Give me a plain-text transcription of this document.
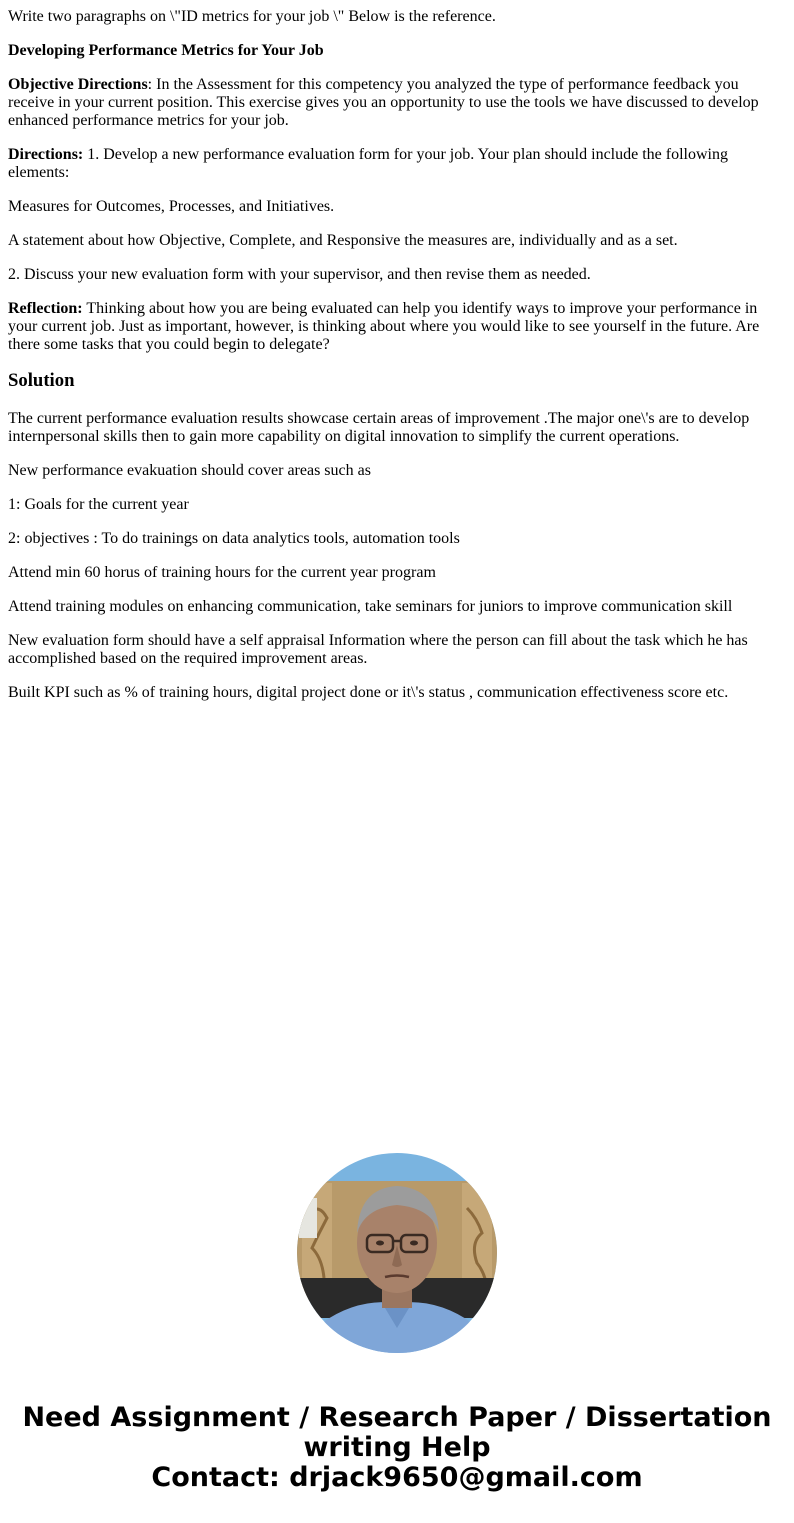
Write two paragraphs on \"ID metrics for your job \" Below is the reference.

Developing Performance Metrics for Your Job

Objective Directions: In the Assessment for this competency you analyzed the type of performance feedback you receive in your current position. This exercise gives you an opportunity to use the tools we have discussed to develop enhanced performance metrics for your job.

Directions: 1. Develop a new performance evaluation form for your job. Your plan should include the following elements:

Measures for Outcomes, Processes, and Initiatives.

A statement about how Objective, Complete, and Responsive the measures are, individually and as a set.

2. Discuss your new evaluation form with your supervisor, and then revise them as needed.

Reflection: Thinking about how you are being evaluated can help you identify ways to improve your performance in your current job. Just as important, however, is thinking about where you would like to see yourself in the future. Are there some tasks that you could begin to delegate?

Solution

The current performance evaluation results showcase certain areas of improvement .The major one\'s are to develop internpersonal skills then to gain more capability on digital innovation to simplify the current operations.

New performance evakuation should cover areas such as

1: Goals for the current year

2: objectives : To do trainings on data analytics tools, automation tools

Attend min 60 horus of training hours for the current year program

Attend training modules on enhancing communication, take seminars for juniors to improve communication skill

New evaluation form should have a self appraisal Information where the person can fill about the task which he has accomplished based on the required improvement areas.

Built KPI such as % of training hours, digital project done or it\'s status , communication effectiveness score etc.

Need Assignment / Research Paper / Dissertation
writing Help
Contact: drjack9650@gmail.com
